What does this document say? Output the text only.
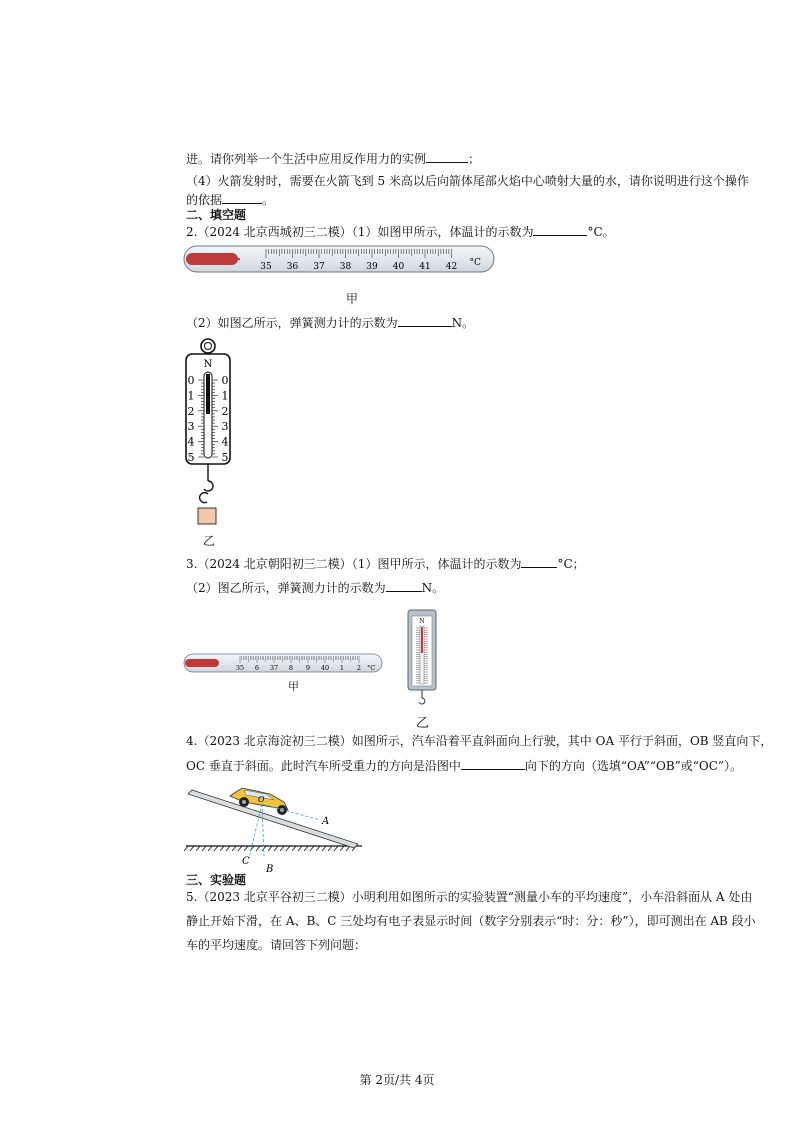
进。请你列举一个生活中应用反作用力的实例	；
（4）火箭发射时，需要在火箭飞到 5 米高以后向箭体尾部火焰中心喷射大量的水，请你说明进行这个操作
的依据	。
二、填空题
2.（2024 北京西城初三二模）（1）如图甲所示，体温计的示数为	°C。
35 36 37 38 39 40 41 42 °C
甲
（2）如图乙所示，弹簧测力计的示数为	N。
N
0 0
1 1
2 2
3 3
4 4
5 5
乙
3.（2024 北京朝阳初三二模）（1）图甲所示，体温计的示数为	°C；
（2）图乙所示，弹簧测力计的示数为	N。
35 6 37 8 9 40 1 2 °C
甲
N
乙
4.（2023 北京海淀初三二模）如图所示，汽车沿着平直斜面向上行驶，其中 OA 平行于斜面，OB 竖直向下，
OC 垂直于斜面。此时汽车所受重力的方向是沿图中	向下的方向（选填“OA”“OB”或“OC”）。
O
A
C
B
三、实验题
5.（2023 北京平谷初三二模）小明利用如图所示的实验装置“测量小车的平均速度”，小车沿斜面从 A 处由
静止开始下滑，在 A、B、C 三处均有电子表显示时间（数字分别表示“时：分：秒”），即可测出在 AB 段小
车的平均速度。请回答下列问题：
第 2页/共 4页
